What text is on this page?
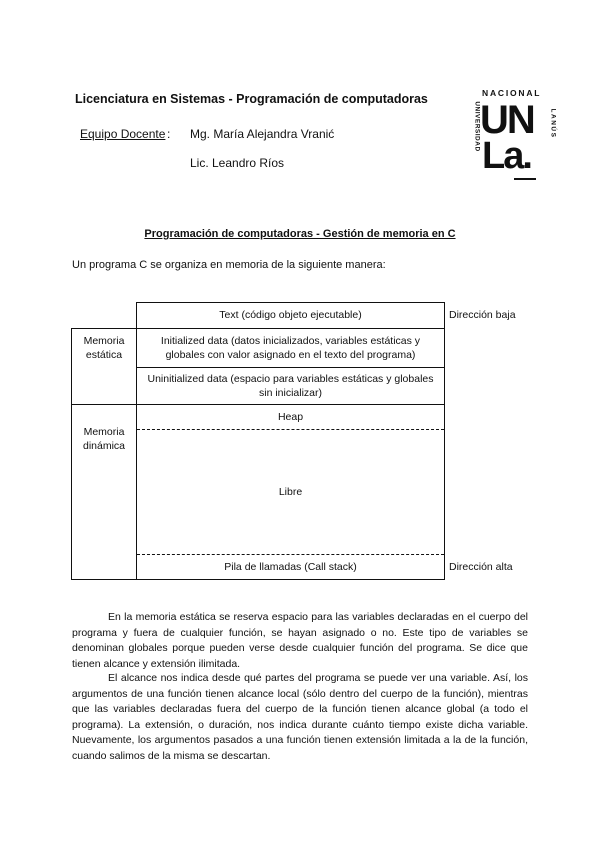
Licenciatura en Sistemas - Programación de computadoras
Equipo Docente : Mg. María Alejandra Vranić
Lic. Leandro Ríos
NACIONAL
UNIVERSIDAD	LANÚS
UN
La.
Programación de computadoras - Gestión de memoria en C
Un programa C se organiza en memoria de la siguiente manera:
Text (código objeto ejecutable)
Initialized data (datos inicializados, variables estáticas y globales con valor asignado en el texto del programa)
Uninitialized data (espacio para variables estáticas y globales sin inicializar)
Heap
Libre
Pila de llamadas (Call stack)
Memoria estática
Memoria dinámica
Dirección baja
Dirección alta
En la memoria estática se reserva espacio para las variables declaradas en el cuerpo del programa y fuera de cualquier función, se hayan asignado o no. Este tipo de variables se denominan globales porque pueden verse desde cualquier función del programa. Se dice que tienen alcance y extensión ilimitada.
El alcance nos indica desde qué partes del programa se puede ver una variable. Así, los argumentos de una función tienen alcance local (sólo dentro del cuerpo de la función), mientras que las variables declaradas fuera del cuerpo de la función tienen alcance global (a todo el programa). La extensión, o duración, nos indica durante cuánto tiempo existe dicha variable. Nuevamente, los argumentos pasados a una función tienen extensión limitada a la de la función, cuando salimos de la misma se descartan.
